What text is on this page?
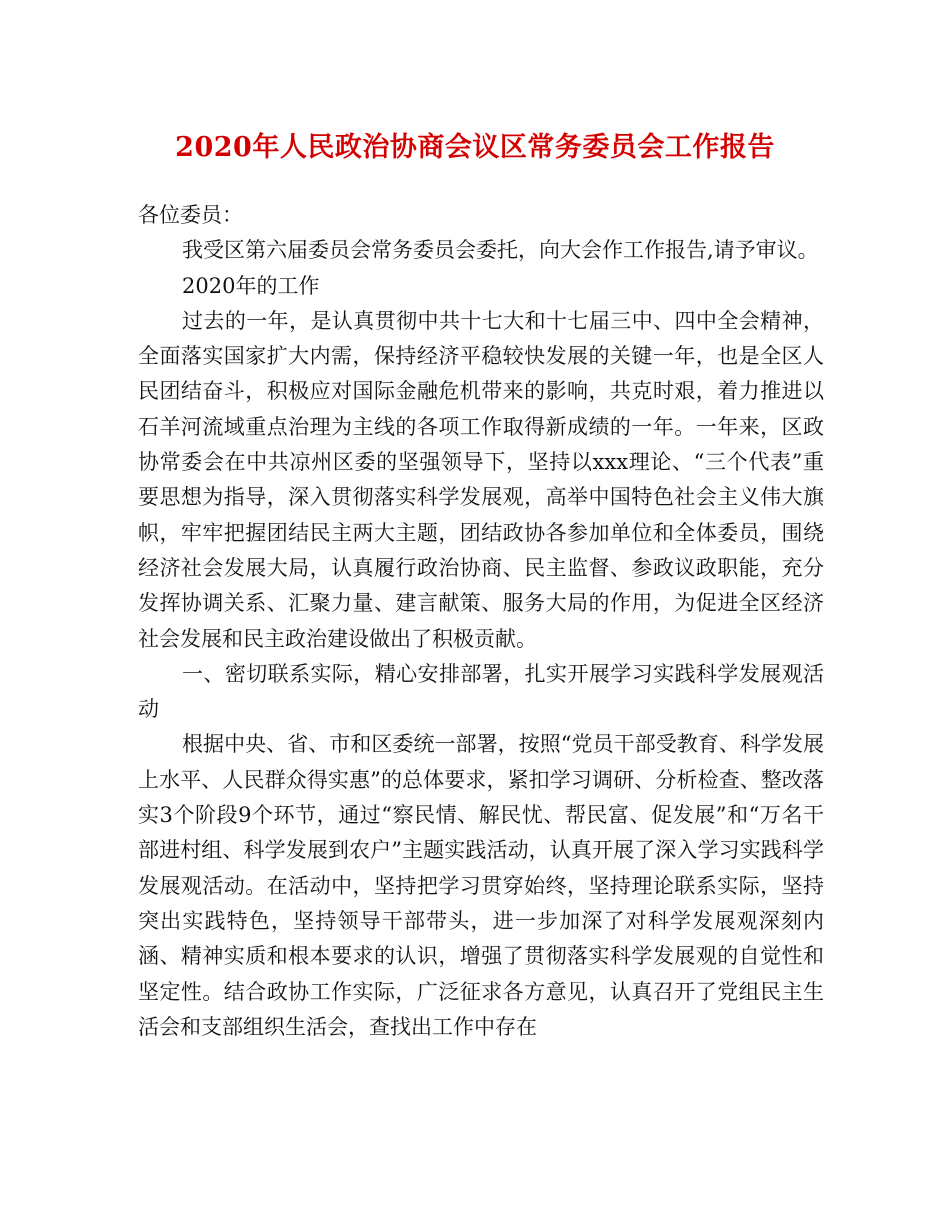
2020年人民政治协商会议区常务委员会工作报告

各位委员：

我受区第六届委员会常务委员会委托，向大会作工作报告,请予审议。

2020年的工作

过去的一年，是认真贯彻中共十七大和十七届三中、四中全会精神，全面落实国家扩大内需，保持经济平稳较快发展的关键一年，也是全区人民团结奋斗，积极应对国际金融危机带来的影响，共克时艰，着力推进以石羊河流域重点治理为主线的各项工作取得新成绩的一年。一年来，区政协常委会在中共凉州区委的坚强领导下，坚持以xxx理论、“三个代表”重要思想为指导，深入贯彻落实科学发展观，高举中国特色社会主义伟大旗帜，牢牢把握团结民主两大主题，团结政协各参加单位和全体委员，围绕经济社会发展大局，认真履行政治协商、民主监督、参政议政职能，充分发挥协调关系、汇聚力量、建言献策、服务大局的作用，为促进全区经济社会发展和民主政治建设做出了积极贡献。

一、密切联系实际，精心安排部署，扎实开展学习实践科学发展观活动

根据中央、省、市和区委统一部署，按照“党员干部受教育、科学发展上水平、人民群众得实惠”的总体要求，紧扣学习调研、分析检查、整改落实3个阶段9个环节，通过“察民情、解民忧、帮民富、促发展”和“万名干部进村组、科学发展到农户”主题实践活动，认真开展了深入学习实践科学发展观活动。在活动中，坚持把学习贯穿始终，坚持理论联系实际，坚持突出实践特色，坚持领导干部带头，进一步加深了对科学发展观深刻内涵、精神实质和根本要求的认识，增强了贯彻落实科学发展观的自觉性和坚定性。结合政协工作实际，广泛征求各方意见，认真召开了党组民主生活会和支部组织生活会，查找出工作中存在
